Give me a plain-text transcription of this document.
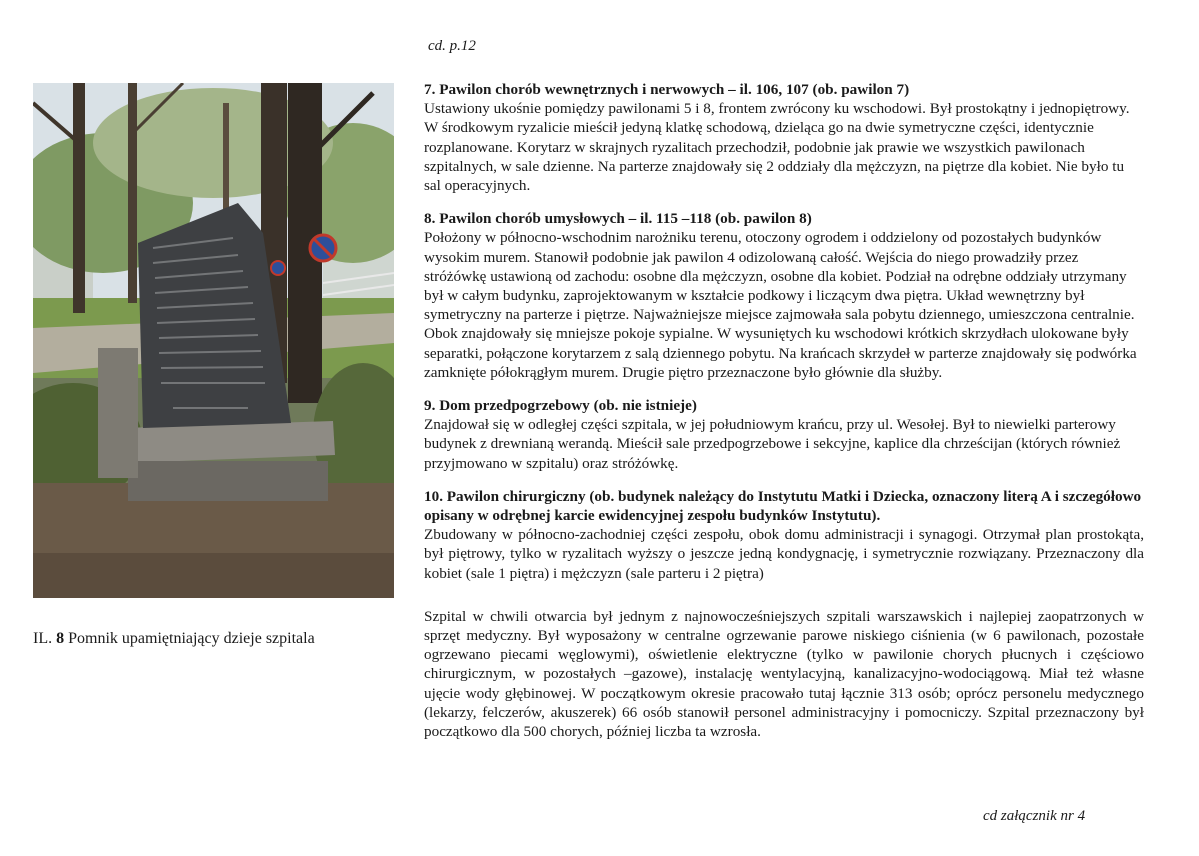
cd. p.12
IL. 8 Pomnik upamiętniający dzieje szpitala
7. Pawilon chorób wewnętrznych i nerwowych – il. 106, 107 (ob. pawilon 7)

Ustawiony ukośnie pomiędzy pawilonami 5 i 8, frontem zwrócony ku wschodowi. Był prostokątny i jednopiętrowy. W środkowym ryzalicie mieścił jedyną klatkę schodową, dzieląca go na dwie symetryczne części, identycznie rozplanowane. Korytarz w skrajnych ryzalitach przechodził, podobnie jak prawie we wszystkich pawilonach szpitalnych, w sale dzienne. Na parterze znajdowały się 2 oddziały dla mężczyzn, na piętrze dla kobiet. Nie było tu sal operacyjnych.

8. Pawilon chorób umysłowych – il. 115 –118 (ob. pawilon 8)

Położony w północno-wschodnim narożniku terenu, otoczony ogrodem i oddzielony od pozostałych budynków wysokim murem. Stanowił podobnie jak pawilon 4 odizolowaną całość. Wejścia do niego prowadziły przez stróżówkę ustawioną od zachodu: osobne dla mężczyzn, osobne dla kobiet. Podział na odrębne oddziały utrzymany był w całym budynku, zaprojektowanym w kształcie podkowy i liczącym dwa piętra. Układ wewnętrzny był symetryczny na parterze i piętrze. Najważniejsze miejsce zajmowała sala pobytu dziennego, umieszczona centralnie. Obok znajdowały się mniejsze pokoje sypialne. W wysuniętych ku wschodowi krótkich skrzydłach ulokowane były separatki, połączone korytarzem z salą dziennego pobytu. Na krańcach skrzydeł w parterze znajdowały się podwórka zamknięte półokrągłym murem. Drugie piętro przeznaczone było głównie dla służby.

9. Dom przedpogrzebowy (ob. nie istnieje)

Znajdował się w odległej części szpitala, w jej południowym krańcu, przy ul. Wesołej. Był to niewielki parterowy budynek z drewnianą werandą. Mieścił sale przedpogrzebowe i sekcyjne, kaplice dla chrześcijan (których również przyjmowano w szpitalu) oraz stróżówkę.

10. Pawilon chirurgiczny (ob. budynek należący do Instytutu Matki i Dziecka, oznaczony literą A i szczegółowo opisany w odrębnej karcie ewidencyjnej zespołu budynków Instytutu).

Zbudowany w północno-zachodniej części zespołu, obok domu administracji i synagogi. Otrzymał plan prostokąta, był piętrowy, tylko w ryzalitach wyższy o jeszcze jedną kondygnację, i symetrycznie rozwiązany. Przeznaczony dla kobiet (sale 1 piętra) i mężczyzn (sale parteru i 2 piętra)

Szpital w chwili otwarcia był jednym z najnowocześniejszych szpitali warszawskich i najlepiej zaopatrzonych w sprzęt medyczny. Był wyposażony w centralne ogrzewanie parowe niskiego ciśnienia (w 6 pawilonach, pozostałe ogrzewano piecami węglowymi), oświetlenie elektryczne (tylko w pawilonie chorych płucnych i częściowo chirurgicznym, w pozostałych –gazowe), instalację wentylacyjną, kanalizacyjno-wodociągową. Miał też własne ujęcie wody głębinowej. W początkowym okresie pracowało tutaj łącznie 313 osób; oprócz personelu medycznego (lekarzy, felczerów, akuszerek) 66 osób stanowił personel administracyjny i pomocniczy. Szpital przeznaczony był początkowo dla 500 chorych, później liczba ta wzrosła.

cd załącznik nr 4
